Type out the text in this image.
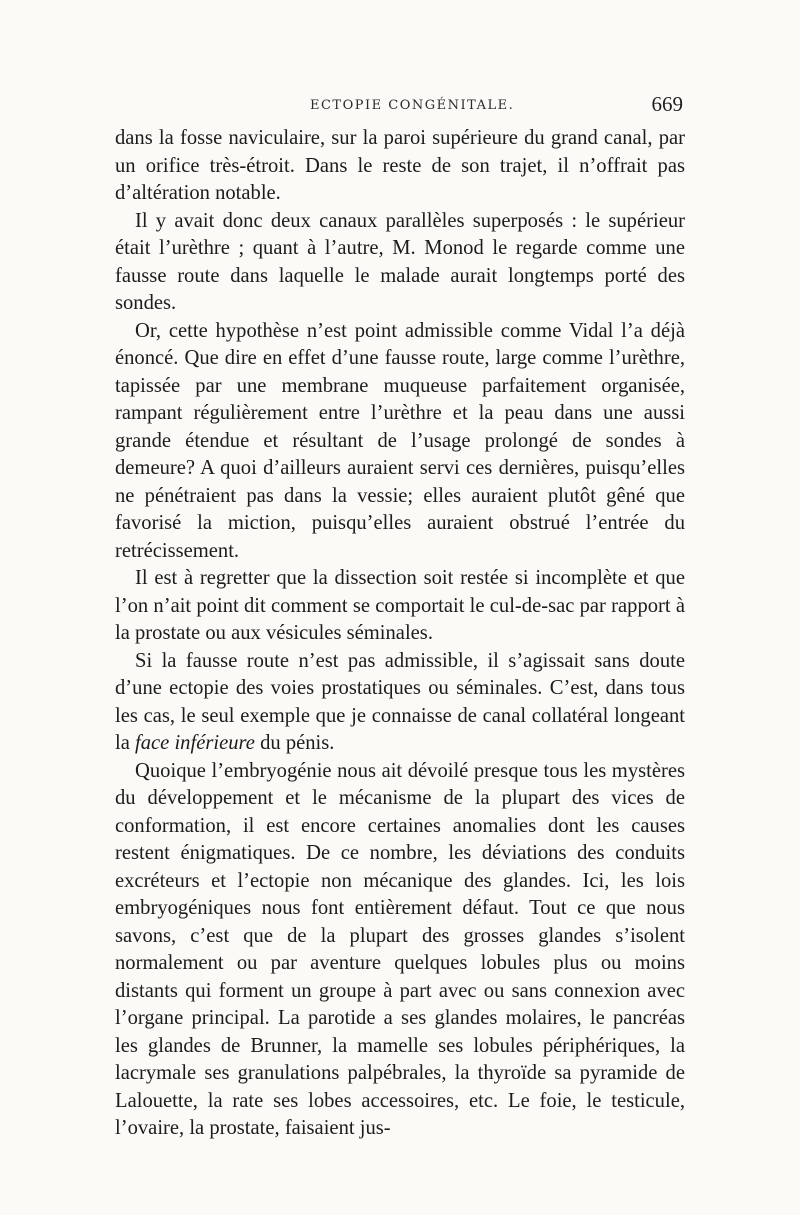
ECTOPIE CONGÉNITALE.	669

dans la fosse naviculaire, sur la paroi supérieure du grand canal, par un orifice très-étroit. Dans le reste de son trajet, il n’offrait pas d’altération notable.

Il y avait donc deux canaux parallèles superposés : le supérieur était l’urèthre ; quant à l’autre, M. Monod le regarde comme une fausse route dans laquelle le malade aurait longtemps porté des sondes.

Or, cette hypothèse n’est point admissible comme Vidal l’a déjà énoncé. Que dire en effet d’une fausse route, large comme l’urèthre, tapissée par une membrane muqueuse parfaitement organisée, rampant régulièrement entre l’urèthre et la peau dans une aussi grande étendue et résultant de l’usage prolongé de sondes à demeure? A quoi d’ailleurs auraient servi ces dernières, puisqu’elles ne pénétraient pas dans la vessie; elles auraient plutôt gêné que favorisé la miction, puisqu’elles auraient obstrué l’entrée du retrécissement.

Il est à regretter que la dissection soit restée si incomplète et que l’on n’ait point dit comment se comportait le cul-de-sac par rapport à la prostate ou aux vésicules séminales.

Si la fausse route n’est pas admissible, il s’agissait sans doute d’une ectopie des voies prostatiques ou séminales. C’est, dans tous les cas, le seul exemple que je connaisse de canal collatéral longeant la face inférieure du pénis.

Quoique l’embryogénie nous ait dévoilé presque tous les mystères du développement et le mécanisme de la plupart des vices de conformation, il est encore certaines anomalies dont les causes restent énigmatiques. De ce nombre, les déviations des conduits excréteurs et l’ectopie non mécanique des glandes. Ici, les lois embryogéniques nous font entièrement défaut. Tout ce que nous savons, c’est que de la plupart des grosses glandes s’isolent normalement ou par aventure quelques lobules plus ou moins distants qui forment un groupe à part avec ou sans connexion avec l’organe principal. La parotide a ses glandes molaires, le pancréas les glandes de Brunner, la mamelle ses lobules périphériques, la lacrymale ses granulations palpébrales, la thyroïde sa pyramide de Lalouette, la rate ses lobes accessoires, etc. Le foie, le testicule, l’ovaire, la prostate, faisaient jus-
